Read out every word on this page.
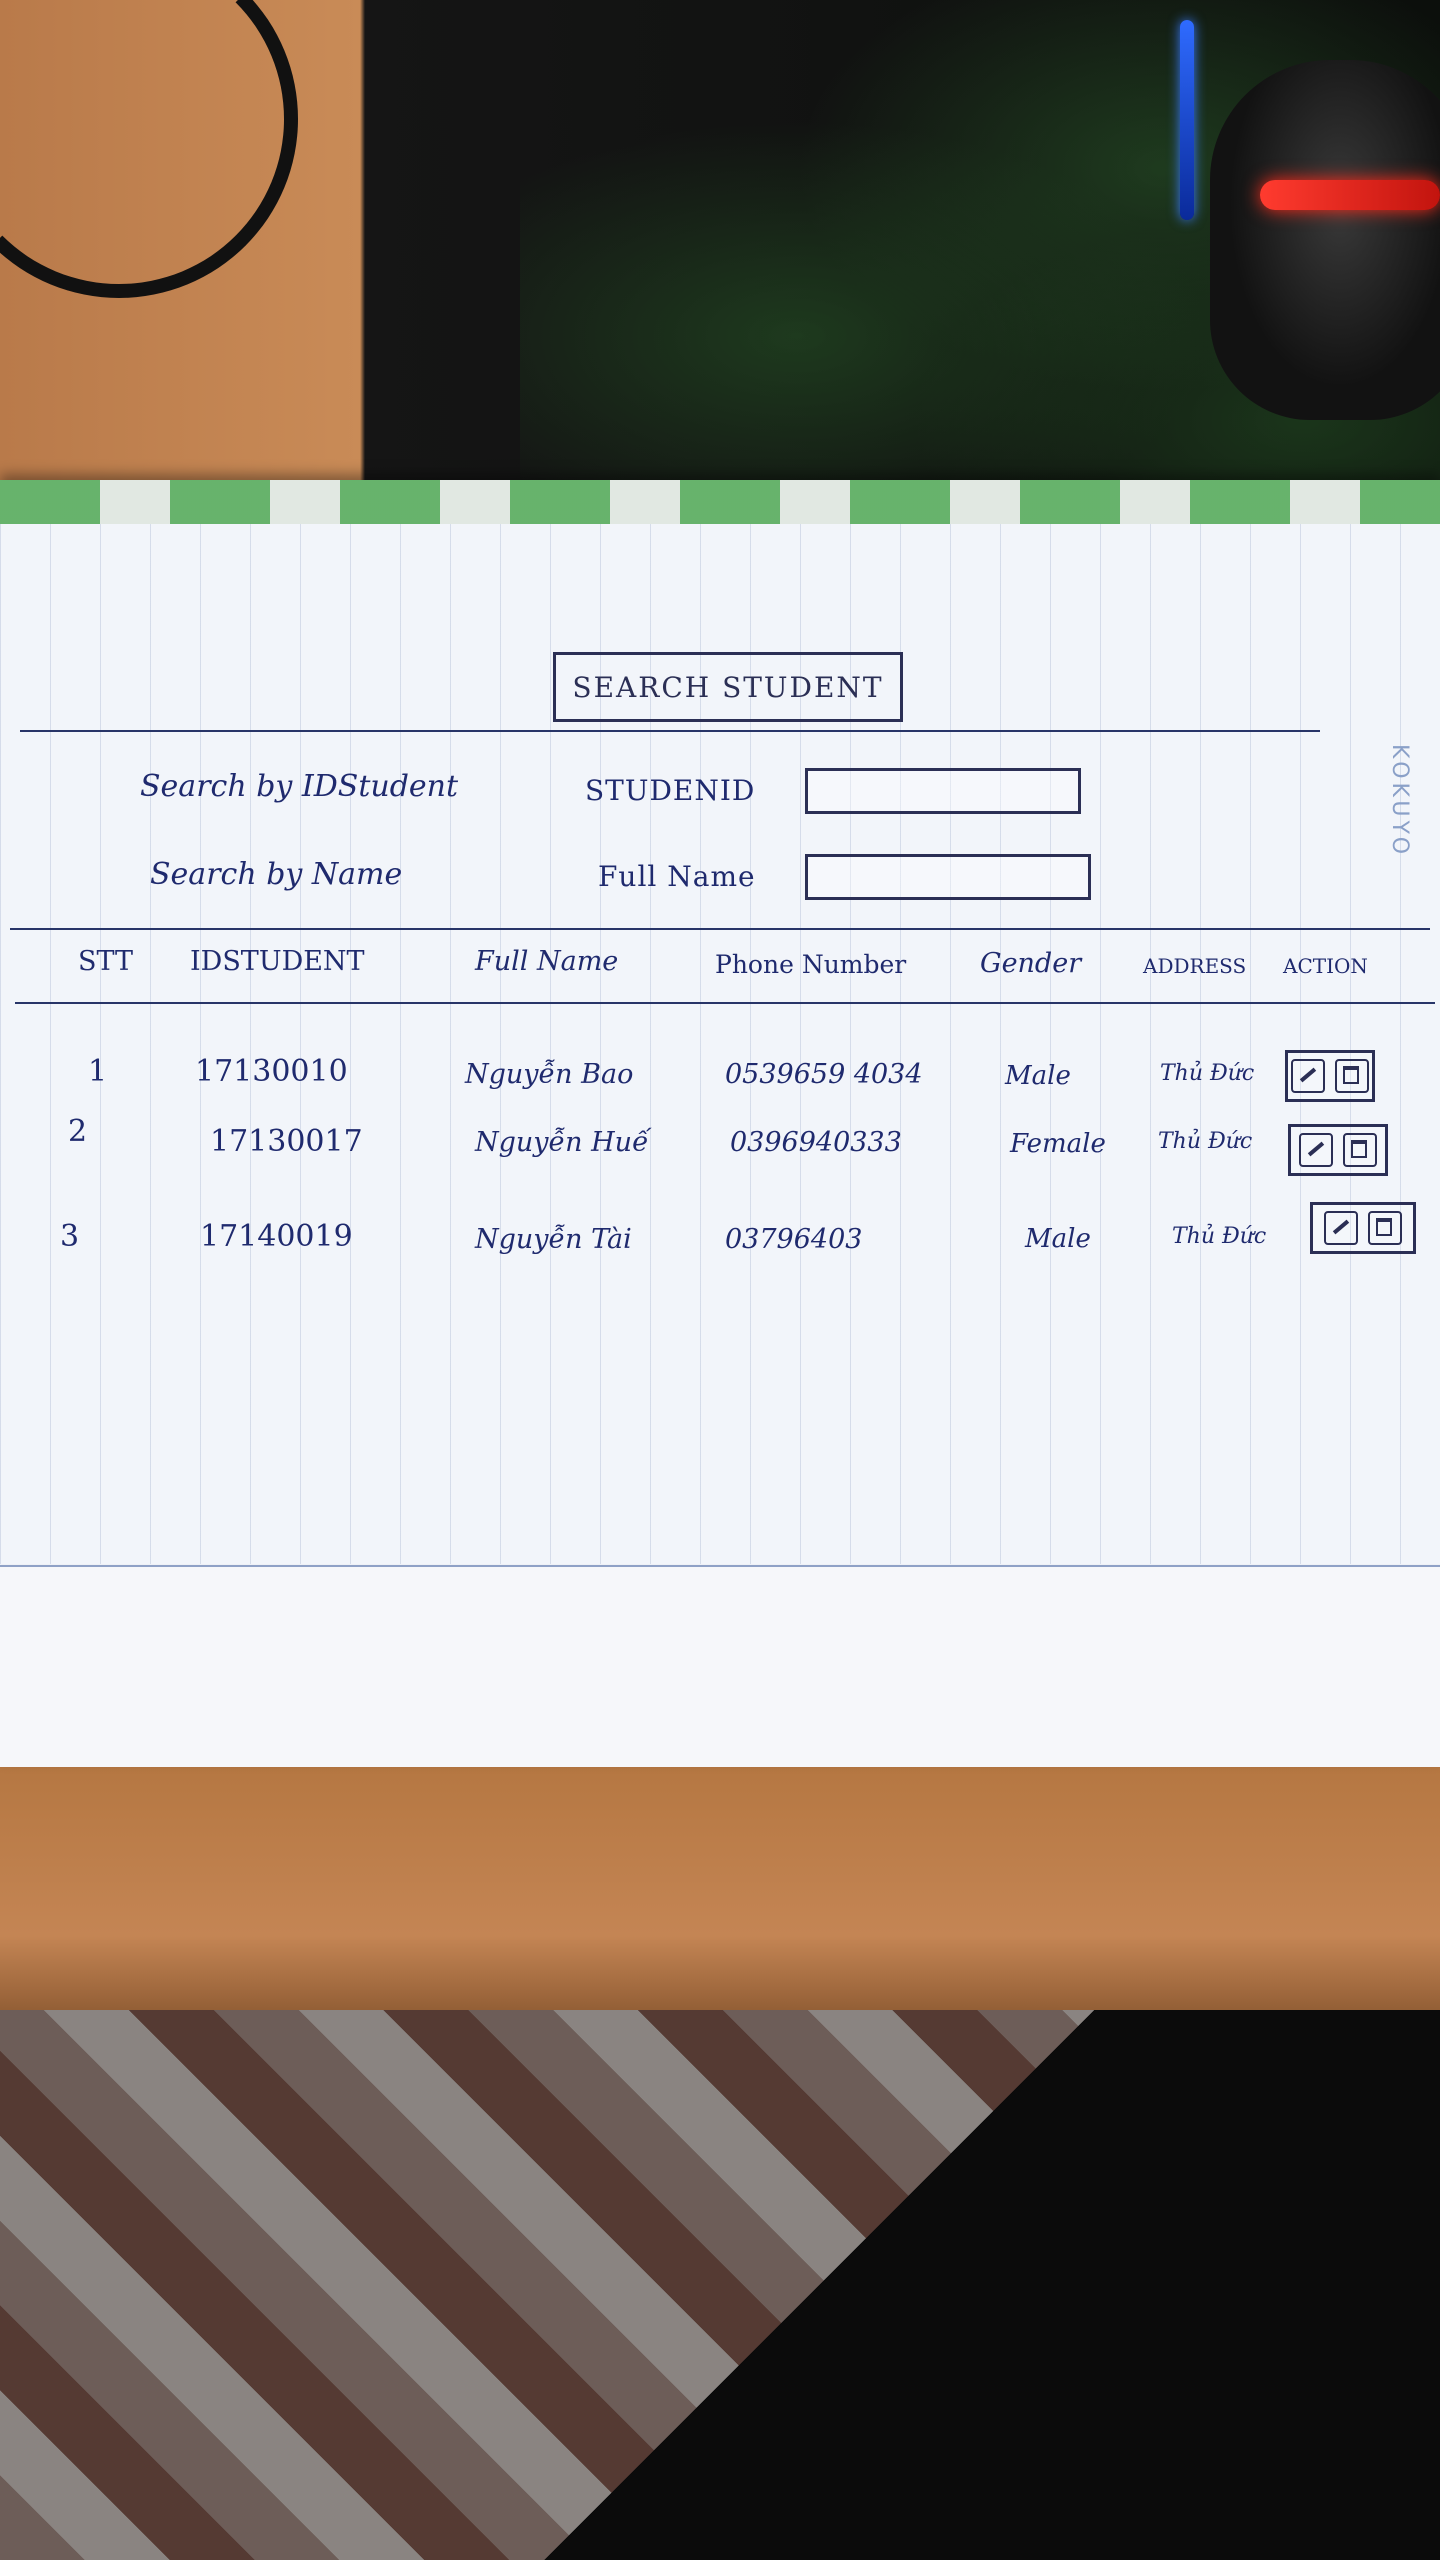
KOKUYO
SEARCH STUDENT
Search by IDStudent	STUDENID
Search by Name	Full Name
STT IDSTUDENT	Full Name	Phone Number	Gender	ADDRESS ACTION
1	17130010	Nguyễn Bao	0539659 4034	Male	Thủ Đức
2	17130017	Nguyễn Huế	0396940333	Female Thủ Đức
3	17140019	Nguyễn Tài	03796403	Male	Thủ Đức
